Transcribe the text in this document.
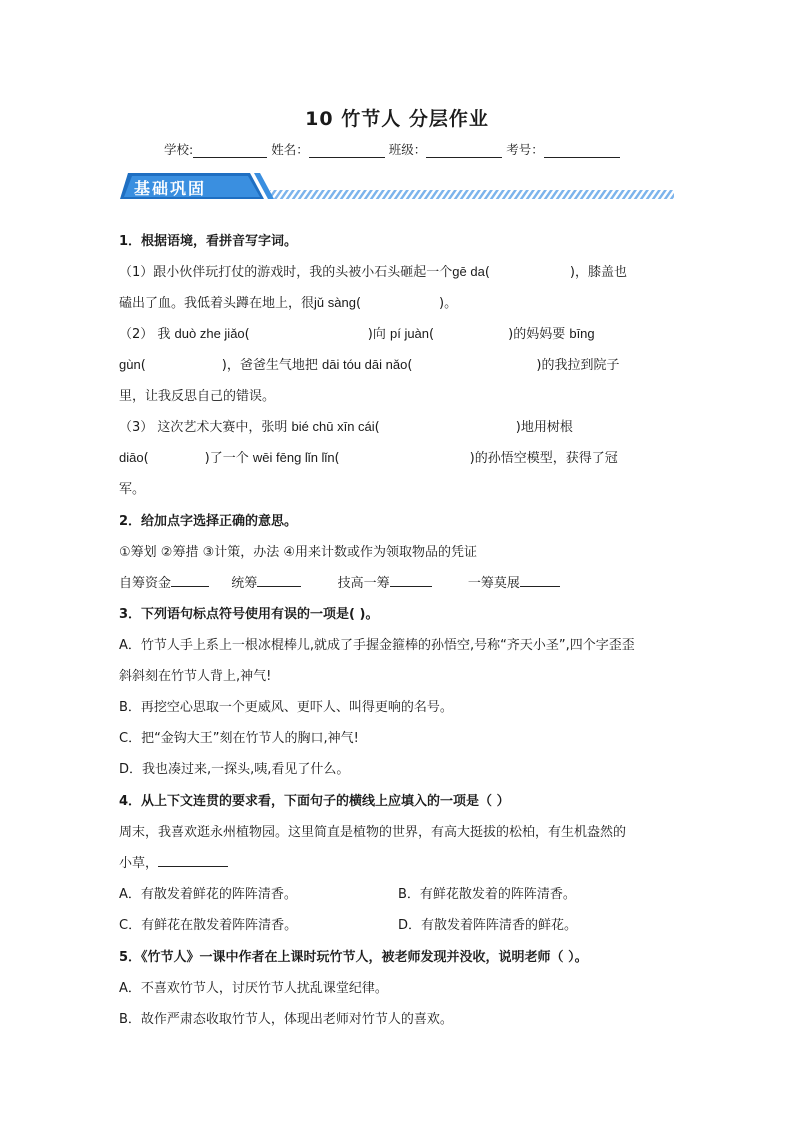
10 竹节人 分层作业
学校:	姓名：	班级：	考号：
基础巩固
1．根据语境，看拼音写字词。
（1）跟小伙伴玩打仗的游戏时，我的头被小石头砸起一个gē da(	)，膝盖也
磕出了血。我低着头蹲在地上，很jǔ sàng(	)。
（2） 我 duò zhe jiǎo(	)向 pí juàn(	)的妈妈要 bīng
gùn(	)，爸爸生气地把 dāi tóu dāi nǎo(	)的我拉到院子
里，让我反思自己的错误。
（3） 这次艺术大赛中，张明 bié chū xīn cái(	)地用树根
diāo(	)了一个 wēi fēng lǐn lǐn(	)的孙悟空模型，获得了冠
军。
2．给加点字选择正确的意思。
①筹划 ②筹措 ③计策，办法 ④用来计数或作为领取物品的凭证
自筹资金	统筹	技高一筹	一筹莫展
3．下列语句标点符号使用有误的一项是( )。
A．竹节人手上系上一根冰棍棒儿,就成了手握金箍棒的孙悟空,号称“齐天小圣”,四个字歪歪
斜斜刻在竹节人背上,神气!
B．再挖空心思取一个更威风、更吓人、叫得更响的名号。
C．把“金钩大王”刻在竹节人的胸口,神气!
D．我也凑过来,一探头,咦,看见了什么。
4．从上下文连贯的要求看，下面句子的横线上应填入的一项是（ ）
周末，我喜欢逛永州植物园。这里简直是植物的世界，有高大挺拔的松柏，有生机盎然的
小草，
A．有散发着鲜花的阵阵清香。	B．有鲜花散发着的阵阵清香。
C．有鲜花在散发着阵阵清香。	D．有散发着阵阵清香的鲜花。
5．《竹节人》一课中作者在上课时玩竹节人，被老师发现并没收，说明老师（ ）。
A．不喜欢竹节人，讨厌竹节人扰乱课堂纪律。
B．故作严肃态收取竹节人，体现出老师对竹节人的喜欢。
